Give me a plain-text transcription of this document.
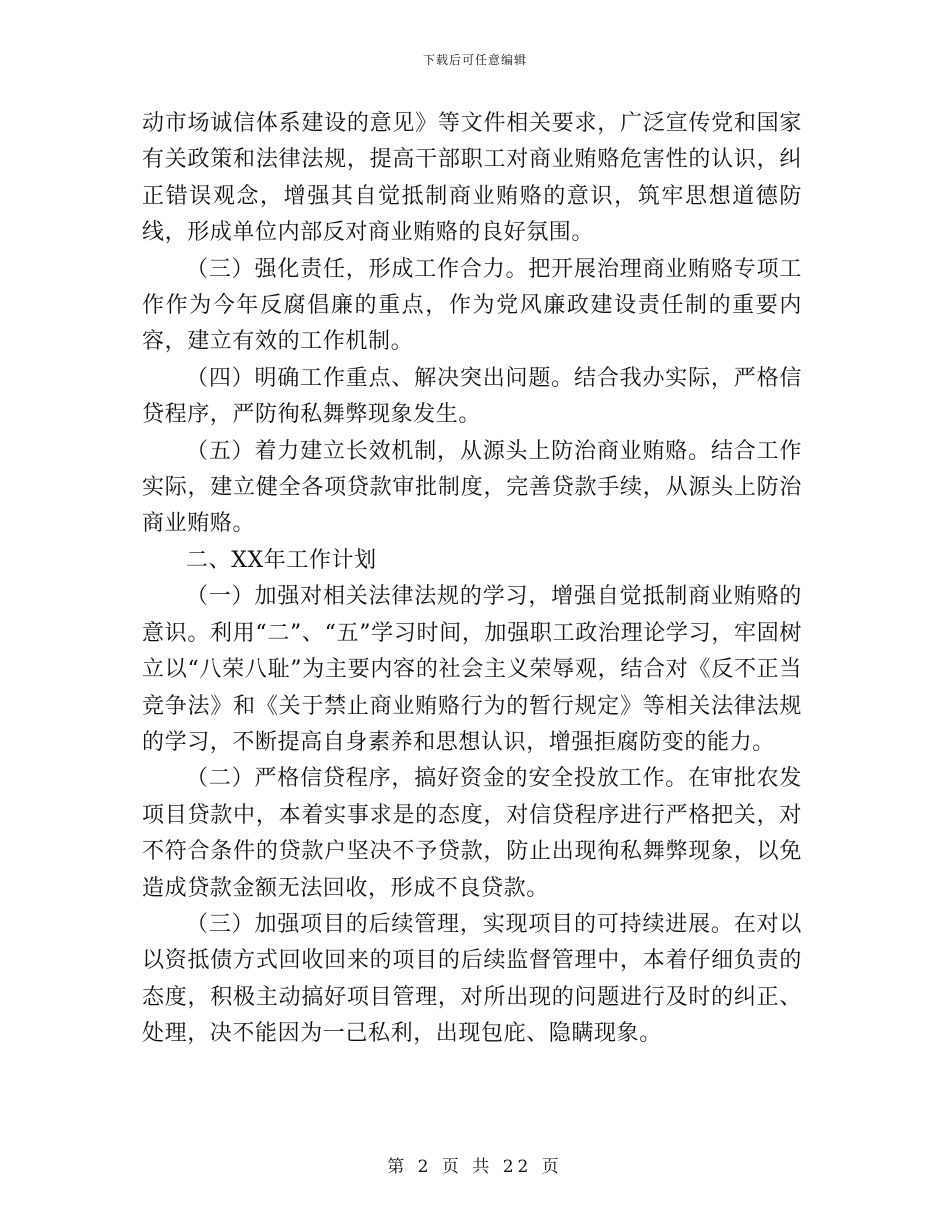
下载后可任意编辑

动市场诚信体系建设的意见》等文件相关要求，广泛宣传党和国家有关政策和法律法规，提高干部职工对商业贿赂危害性的认识，纠正错误观念，增强其自觉抵制商业贿赂的意识，筑牢思想道德防线，形成单位内部反对商业贿赂的良好氛围。

（三）强化责任，形成工作合力。把开展治理商业贿赂专项工作作为今年反腐倡廉的重点，作为党风廉政建设责任制的重要内容，建立有效的工作机制。

（四）明确工作重点、解决突出问题。结合我办实际，严格信贷程序，严防徇私舞弊现象发生。

（五）着力建立长效机制，从源头上防治商业贿赂。结合工作实际，建立健全各项贷款审批制度，完善贷款手续，从源头上防治商业贿赂。

二、XX年工作计划

（一）加强对相关法律法规的学习，增强自觉抵制商业贿赂的意识。利用“二”、“五”学习时间，加强职工政治理论学习，牢固树立以“八荣八耻”为主要内容的社会主义荣辱观，结合对《反不正当竞争法》和《关于禁止商业贿赂行为的暂行规定》等相关法律法规的学习，不断提高自身素养和思想认识，增强拒腐防变的能力。

（二）严格信贷程序，搞好资金的安全投放工作。在审批农发项目贷款中，本着实事求是的态度，对信贷程序进行严格把关，对不符合条件的贷款户坚决不予贷款，防止出现徇私舞弊现象，以免造成贷款金额无法回收，形成不良贷款。

（三）加强项目的后续管理，实现项目的可持续进展。在对以以资抵债方式回收回来的项目的后续监督管理中，本着仔细负责的态度，积极主动搞好项目管理，对所出现的问题进行及时的纠正、处理，决不能因为一己私利，出现包庇、隐瞒现象。

第 2 页 共 22 页
